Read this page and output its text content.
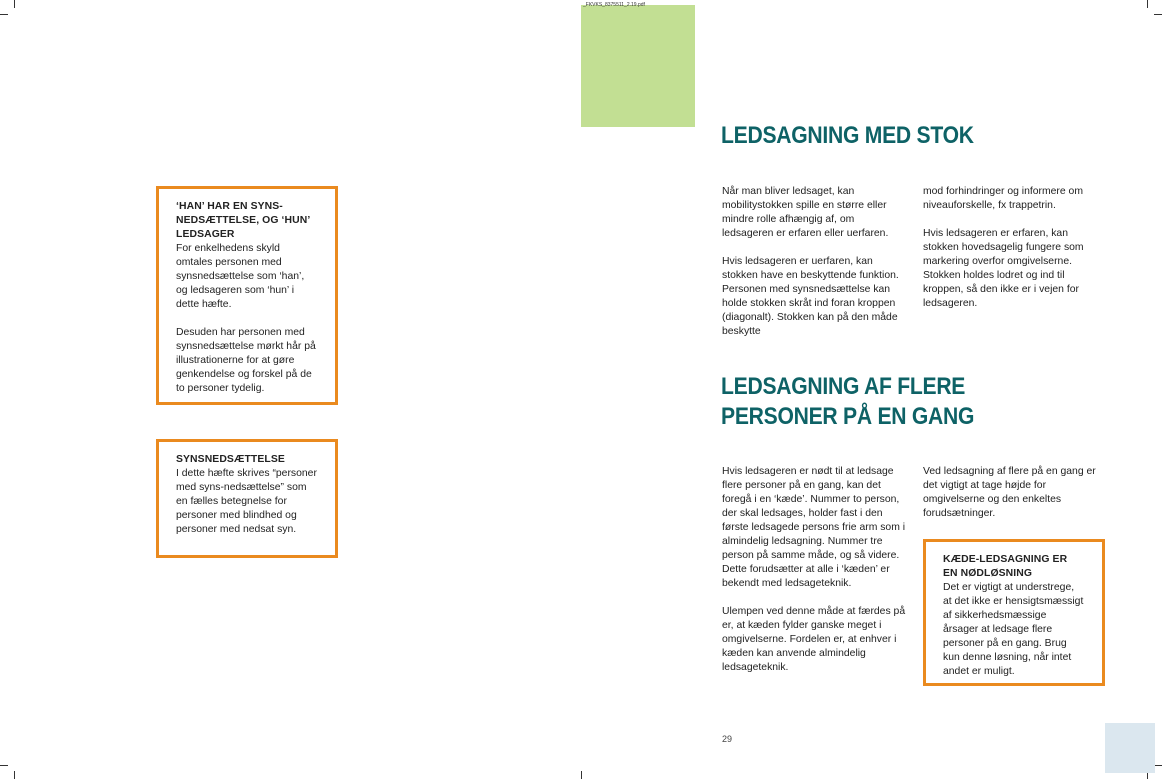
_FKVKS_8375511_2.19.pdf
‘HAN’ HAR EN SYNS-NEDSÆTTELSE, OG ‘HUN’ LEDSAGER

For enkelhedens skyld omtales personen med synsnedsættelse som ‘han’, og ledsageren som ‘hun’ i dette hæfte.

Desuden har personen med synsnedsættelse mørkt hår på illustrationerne for at gøre genkendelse og forskel på de to personer tydelig.

SYNSNEDSÆTTELSE

I dette hæfte skrives “personer med syns-nedsættelse” som en fælles betegnelse for personer med blindhed og personer med nedsat syn.

LEDSAGNING MED STOK

Når man bliver ledsaget, kan mobilitystokken spille en større eller mindre rolle afhængig af, om ledsageren er erfaren eller uerfaren.

Hvis ledsageren er uerfaren, kan stokken have en beskyttende funktion. Personen med synsnedsættelse kan holde stokken skråt ind foran kroppen (diagonalt). Stokken kan på den måde beskytte

mod forhindringer og informere om niveauforskelle, fx trappetrin.

Hvis ledsageren er erfaren, kan stokken hovedsagelig fungere som markering overfor omgivelserne. Stokken holdes lodret og ind til kroppen, så den ikke er i vejen for ledsageren.

LEDSAGNING AF FLERE
PERSONER PÅ EN GANG

Hvis ledsageren er nødt til at ledsage flere personer på en gang, kan det foregå i en ‘kæde’. Nummer to person, der skal ledsages, holder fast i den første ledsagede persons frie arm som i almindelig ledsagning. Nummer tre person på samme måde, og så videre. Dette forudsætter at alle i ‘kæden’ er bekendt med ledsageteknik.

Ulempen ved denne måde at færdes på er, at kæden fylder ganske meget i omgivelserne. Fordelen er, at enhver i kæden kan anvende almindelig ledsageteknik.

Ved ledsagning af flere på en gang er det vigtigt at tage højde for omgivelserne og den enkeltes forudsætninger.

KÆDE-LEDSAGNING ER EN NØDLØSNING

Det er vigtigt at understrege, at det ikke er hensigtsmæssigt af sikkerhedsmæssige årsager at ledsage flere personer på en gang. Brug kun denne løsning, når intet andet er muligt.

29
